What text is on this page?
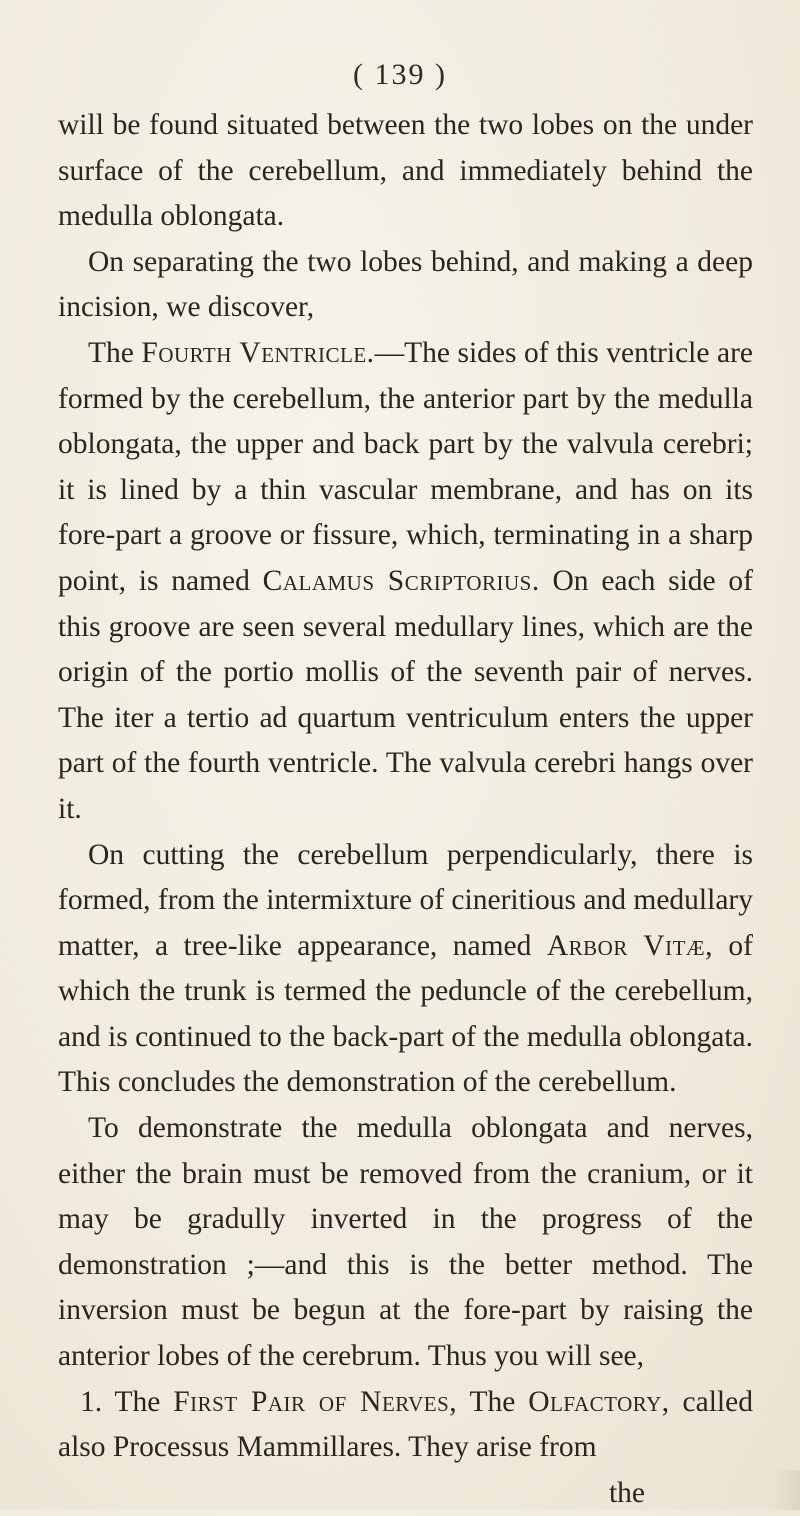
( 139 )

will be found situated between the two lobes on the under surface of the cerebellum, and immediately behind the medulla oblongata.

On separating the two lobes behind, and making a deep incision, we discover,

The Fourth Ventricle.—The sides of this ventricle are formed by the cerebellum, the anterior part by the medulla oblongata, the upper and back part by the valvula cerebri; it is lined by a thin vascular membrane, and has on its fore-part a groove or fissure, which, terminating in a sharp point, is named Calamus Scriptorius. On each side of this groove are seen several medullary lines, which are the origin of the portio mollis of the seventh pair of nerves. The iter a tertio ad quartum ventriculum enters the upper part of the fourth ventricle. The valvula cerebri hangs over it.

On cutting the cerebellum perpendicularly, there is formed, from the intermixture of cineritious and medullary matter, a tree-like appearance, named Arbor Vitæ, of which the trunk is termed the peduncle of the cerebellum, and is continued to the back-part of the medulla oblongata. This concludes the demonstration of the cerebellum.

To demonstrate the medulla oblongata and nerves, either the brain must be removed from the cranium, or it may be gradully inverted in the progress of the demonstration ;—and this is the better method. The inversion must be begun at the fore-part by raising the anterior lobes of the cerebrum. Thus you will see,

1. The First Pair of Nerves, The Olfactory, called also Processus Mammillares. They arise from

the
